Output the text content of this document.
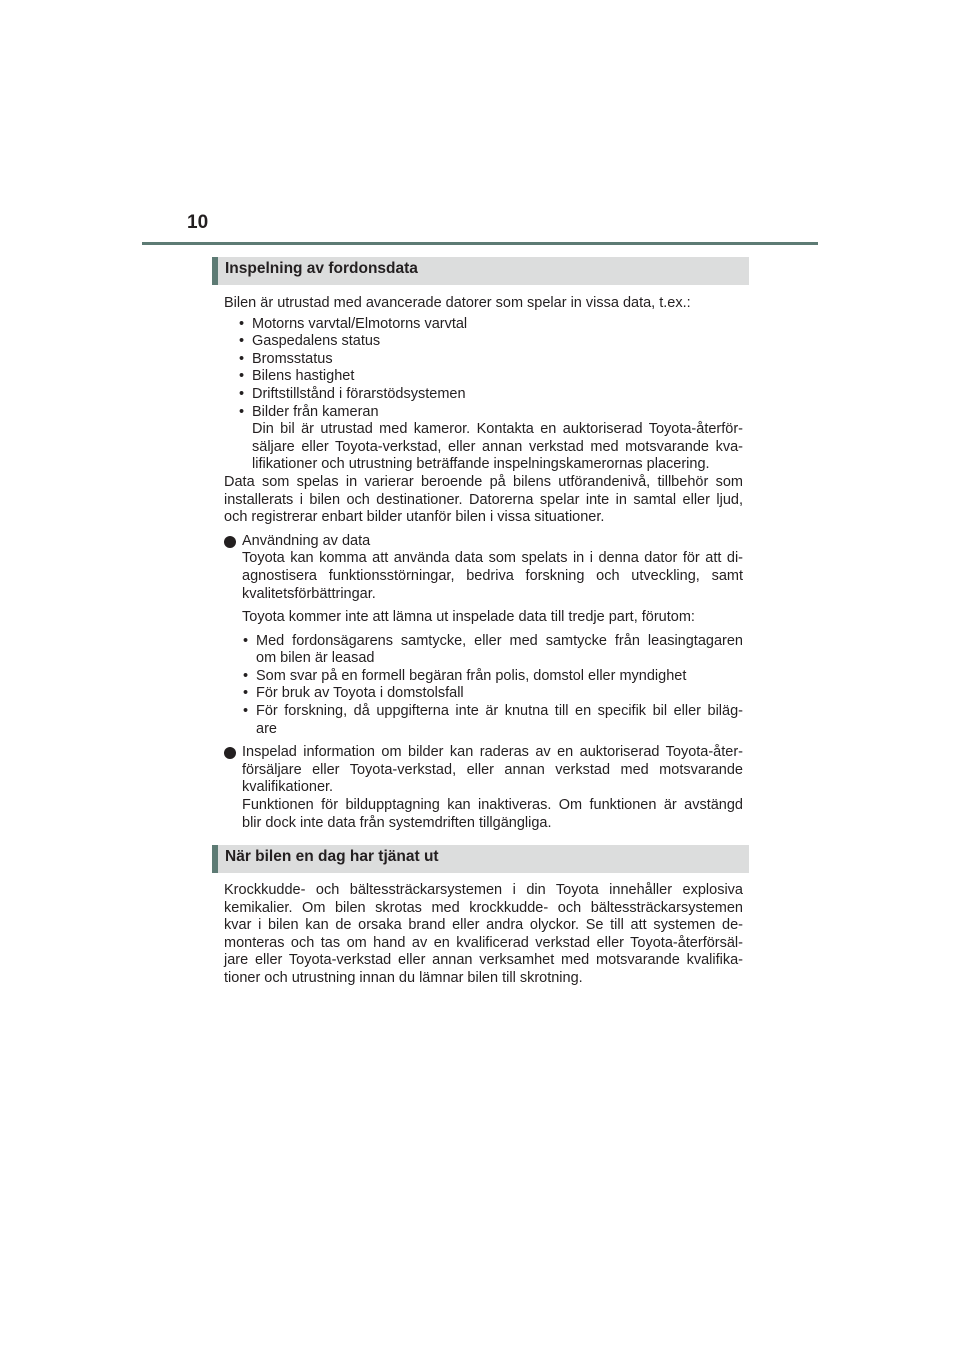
10
Inspelning av fordonsdata

Bilen är utrustad med avancerade datorer som spelar in vissa data, t.ex.:

• Motorns varvtal/Elmotorns varvtal
• Gaspedalens status
• Bromsstatus
• Bilens hastighet
• Driftstillstånd i förarstödsystemen
• Bilder från kameran
Din bil är utrustad med kameror. Kontakta en auktoriserad Toyota-återför-
säljare eller Toyota-verkstad, eller annan verkstad med motsvarande kva-
lifikationer och utrustning beträffande inspelningskamerornas placering.
Data som spelas in varierar beroende på bilens utförandenivå, tillbehör som
installerats i bilen och destinationer. Datorerna spelar inte in samtal eller ljud,
och registrerar enbart bilder utanför bilen i vissa situationer.
Användning av data
Toyota kan komma att använda data som spelats in i denna dator för att di-
agnostisera funktionsstörningar, bedriva forskning och utveckling, samt
kvalitetsförbättringar.
Toyota kommer inte att lämna ut inspelade data till tredje part, förutom:
• Med fordonsägarens samtycke, eller med samtycke från leasingtagaren
om bilen är leasad
• Som svar på en formell begäran från polis, domstol eller myndighet
• För bruk av Toyota i domstolsfall
• För forskning, då uppgifterna inte är knutna till en specifik bil eller biläg-
are
Inspelad information om bilder kan raderas av en auktoriserad Toyota-åter-
försäljare eller Toyota-verkstad, eller annan verkstad med motsvarande
kvalifikationer.
Funktionen för bildupptagning kan inaktiveras. Om funktionen är avstängd
blir dock inte data från systemdriften tillgängliga.
När bilen en dag har tjänat ut
Krockkudde- och bältessträckarsystemen i din Toyota innehåller explosiva
kemikalier. Om bilen skrotas med krockkudde- och bältessträckarsystemen
kvar i bilen kan de orsaka brand eller andra olyckor. Se till att systemen de-
monteras och tas om hand av en kvalificerad verkstad eller Toyota-återförsäl-
jare eller Toyota-verkstad eller annan verksamhet med motsvarande kvalifika-
tioner och utrustning innan du lämnar bilen till skrotning.
